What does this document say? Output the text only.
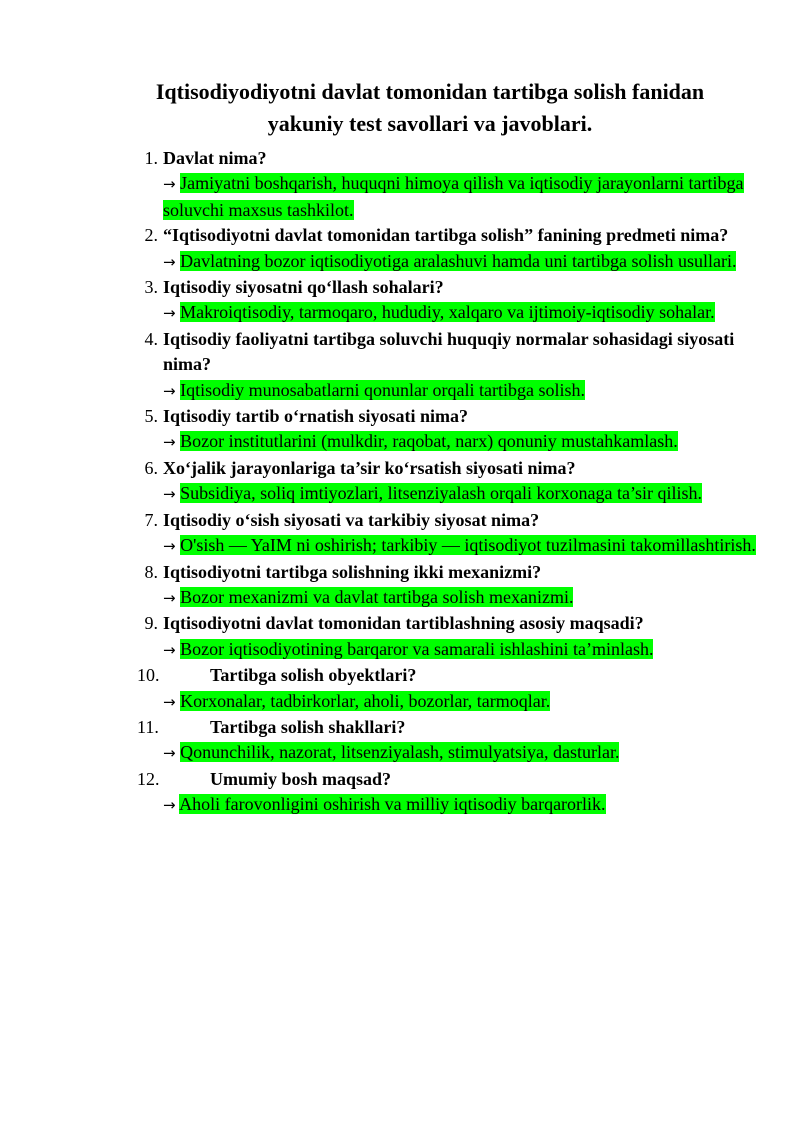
Iqtisodiyodiyotni davlat tomonidan tartibga solish fanidan
yakuniy test savollari va javoblari.
1. Davlat nima?
→ Jamiyatni boshqarish, huquqni himoya qilish va iqtisodiy jarayonlarni tartibga soluvchi maxsus tashkilot.
2. “Iqtisodiyotni davlat tomonidan tartibga solish” fanining predmeti nima?
→ Davlatning bozor iqtisodiyotiga aralashuvi hamda uni tartibga solish usullari.
3. Iqtisodiy siyosatni qo‘llash sohalari?
→ Makroiqtisodiy, tarmoqaro, hududiy, xalqaro va ijtimoiy-iqtisodiy sohalar.
4. Iqtisodiy faoliyatni tartibga soluvchi huquqiy normalar sohasidagi siyosati nima?
→ Iqtisodiy munosabatlarni qonunlar orqali tartibga solish.
5. Iqtisodiy tartib o‘rnatish siyosati nima?
→ Bozor institutlarini (mulkdir, raqobat, narx) qonuniy mustahkamlash.
6. Xo‘jalik jarayonlariga ta’sir ko‘rsatish siyosati nima?
→ Subsidiya, soliq imtiyozlari, litsenziyalash orqali korxonaga ta’sir qilish.
7. Iqtisodiy o‘sish siyosati va tarkibiy siyosat nima?
→ O'sish — YaIM ni oshirish; tarkibiy — iqtisodiyot tuzilmasini takomillashtirish.
8. Iqtisodiyotni tartibga solishning ikki mexanizmi?
→ Bozor mexanizmi va davlat tartibga solish mexanizmi.
9. Iqtisodiyotni davlat tomonidan tartiblashning asosiy maqsadi?
→ Bozor iqtisodiyotining barqaror va samarali ishlashini ta’minlash.
10.	Tartibga solish obyektlari?
→ Korxonalar, tadbirkorlar, aholi, bozorlar, tarmoqlar.
11.	Tartibga solish shakllari?
→ Qonunchilik, nazorat, litsenziyalash, stimulyatsiya, dasturlar.
12.	Umumiy bosh maqsad?
→ Aholi farovonligini oshirish va milliy iqtisodiy barqarorlik.
